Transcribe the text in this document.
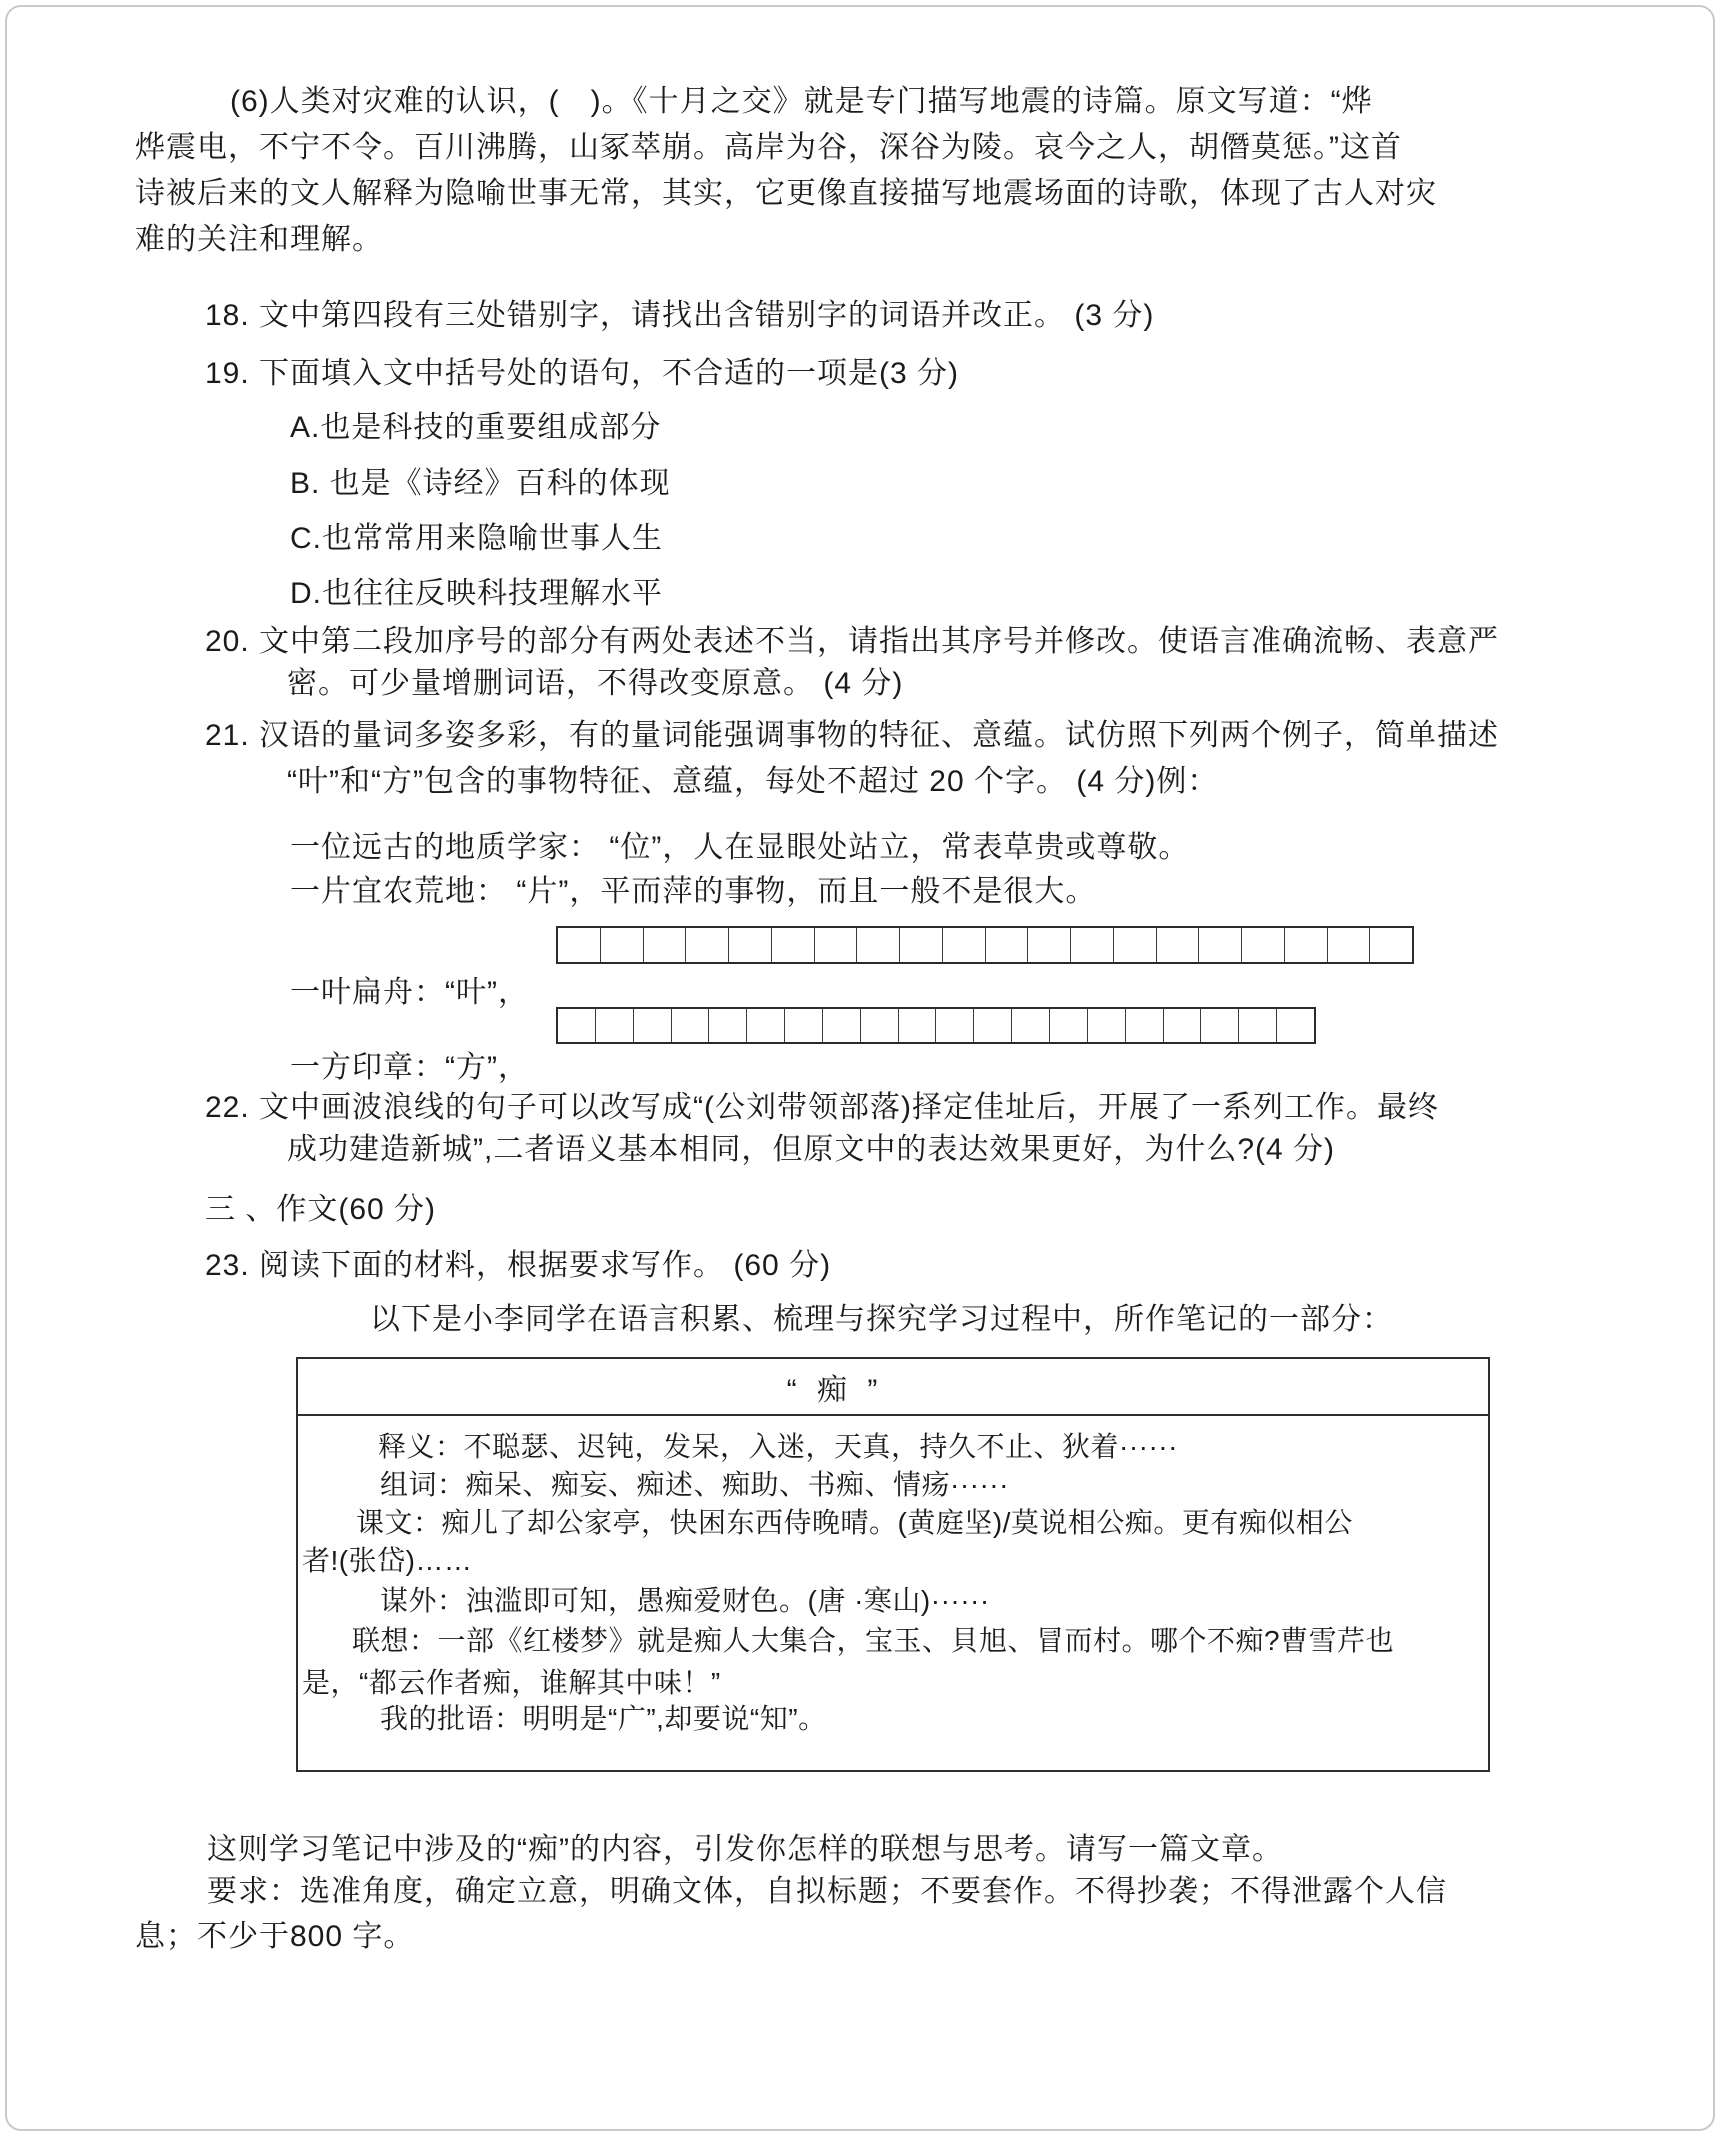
(6)人类对灾难的认识，(　)。《十月之交》就是专门描写地震的诗篇。原文写道：“烨
烨震电，不宁不令。百川沸腾，山冢萃崩。高岸为谷，深谷为陵。哀今之人，胡僭莫惩。”这首
诗被后来的文人解释为隐喻世事无常，其实，它更像直接描写地震场面的诗歌，体现了古人对灾
难的关注和理解。
18. 文中第四段有三处错别字，请找出含错别字的词语并改正。 (3 分)
19. 下面填入文中括号处的语句，不合适的一项是(3 分)
A.也是科技的重要组成部分
B. 也是《诗经》百科的体现
C.也常常用来隐喻世事人生
D.也往往反映科技理解水平
20. 文中第二段加序号的部分有两处表述不当，请指出其序号并修改。使语言准确流畅、表意严
密。可少量增删词语，不得改变原意。 (4 分)
21. 汉语的量词多姿多彩，有的量词能强调事物的特征、意蕴。试仿照下列两个例子，简单描述
“叶”和“方”包含的事物特征、意蕴，每处不超过 20 个字。 (4 分)例：
一位远古的地质学家： “位”，人在显眼处站立，常表草贵或尊敬。
一片宜农荒地： “片”，平而萍的事物，而且一般不是很大。
一叶扁舟：“叶”，
一方印章：“方”，
22. 文中画波浪线的句子可以改写成“(公刘带领部落)择定佳址后，开展了一系列工作。最终
成功建造新城”,二者语义基本相同，但原文中的表达效果更好，为什么?(4 分)
三 、作文(60 分)
23. 阅读下面的材料，根据要求写作。 (60 分)
以下是小李同学在语言积累、梳理与探究学习过程中，所作笔记的一部分：
“ 痴 ”
释义：不聪瑟、迟钝，发呆，入迷，天真，持久不止、狄着······
组词：痴呆、痴妄、痴述、痴助、书痴、情疡······
课文：痴儿了却公家亭，快困东西侍晚晴。(黄庭坚)/莫说相公痴。更有痴似相公
者!(张岱)……
谋外：浊滥即可知，愚痴爱财色。(唐 ·寒山)······
联想：一部《红楼梦》就是痴人大集合，宝玉、貝旭、冒而村。哪个不痴?曹雪芹也
是，“都云作者痴，谁解其中味！”
我的批语：明明是“广”,却要说“知”。
这则学习笔记中涉及的“痴”的内容，引发你怎样的联想与思考。请写一篇文章。
要求：选准角度，确定立意，明确文体，自拟标题；不要套作。不得抄袭；不得泄露个人信
息；不少于800 字。
